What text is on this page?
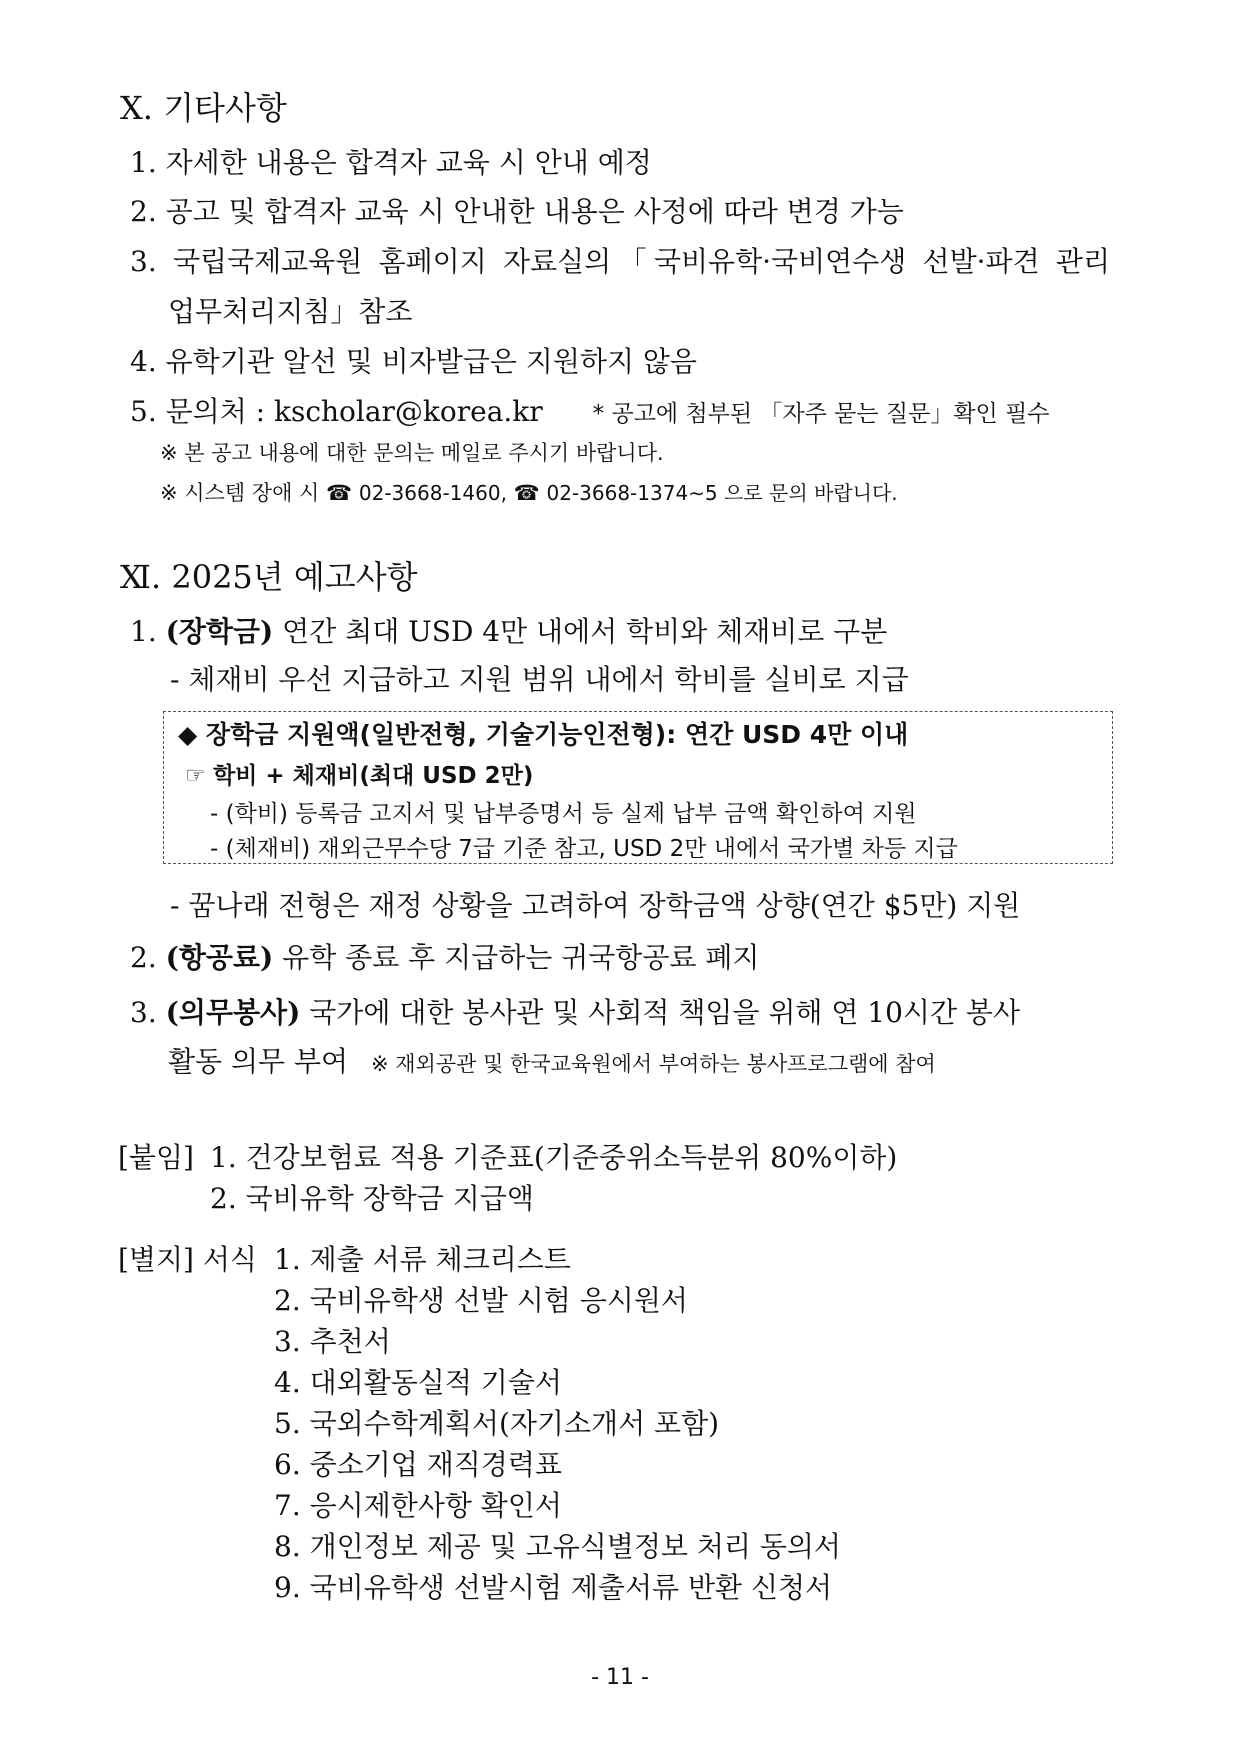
Ⅹ. 기타사항
1. 자세한 내용은 합격자 교육 시 안내 예정
2. 공고 및 합격자 교육 시 안내한 내용은 사정에 따라 변경 가능
3. 국립국제교육원 홈페이지 자료실의「국비유학·국비연수생 선발·파견 관리
업무처리지침」참조
4. 유학기관 알선 및 비자발급은 지원하지 않음
5. 문의처 : kscholar@korea.kr * 공고에 첨부된 「자주 묻는 질문」확인 필수
※ 본 공고 내용에 대한 문의는 메일로 주시기 바랍니다.
※ 시스템 장애 시 ☎ 02-3668-1460, ☎ 02-3668-1374∼5 으로 문의 바랍니다.
Ⅺ. 2025년 예고사항
1. (장학금) 연간 최대 USD 4만 내에서 학비와 체재비로 구분
- 체재비 우선 지급하고 지원 범위 내에서 학비를 실비로 지급
◆ 장학금 지원액(일반전형, 기술기능인전형): 연간 USD 4만 이내
☞ 학비 + 체재비(최대 USD 2만)
- (학비) 등록금 고지서 및 납부증명서 등 실제 납부 금액 확인하여 지원
- (체재비) 재외근무수당 7급 기준 참고, USD 2만 내에서 국가별 차등 지급
- 꿈나래 전형은 재정 상황을 고려하여 장학금액 상향(연간 $5만) 지원
2. (항공료) 유학 종료 후 지급하는 귀국항공료 폐지
3. (의무봉사) 국가에 대한 봉사관 및 사회적 책임을 위해 연 10시간 봉사
활동 의무 부여 ※ 재외공관 및 한국교육원에서 부여하는 봉사프로그램에 참여
[붙임] 1. 건강보험료 적용 기준표(기준중위소득분위 80%이하)
2. 국비유학 장학금 지급액
[별지] 서식 1. 제출 서류 체크리스트
2. 국비유학생 선발 시험 응시원서
3. 추천서
4. 대외활동실적 기술서
5. 국외수학계획서(자기소개서 포함)
6. 중소기업 재직경력표
7. 응시제한사항 확인서
8. 개인정보 제공 및 고유식별정보 처리 동의서
9. 국비유학생 선발시험 제출서류 반환 신청서
- 11 -
